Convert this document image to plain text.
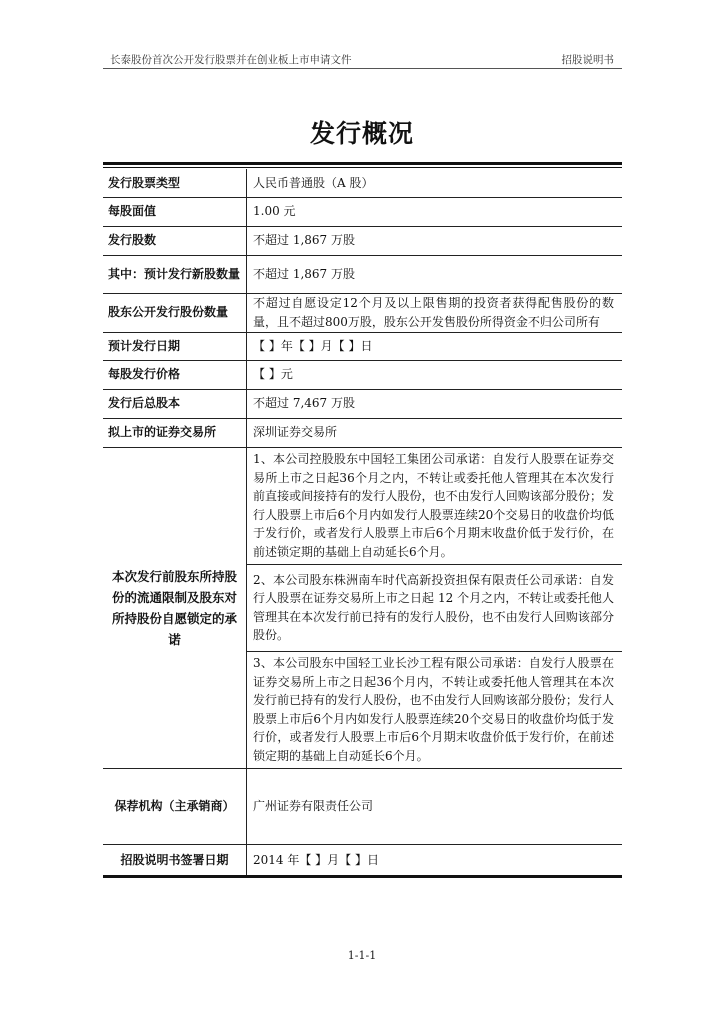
长泰股份首次公开发行股票并在创业板上市申请文件	招股说明书
发行概况
发行股票类型	人民币普通股（A 股）
每股面值	1.00 元
发行股数	不超过 1,867 万股
其中：预计发行新股数量	不超过 1,867 万股
股东公开发行股份数量	不超过自愿设定12个月及以上限售期的投资者获得配售股份的数量，且不超过800万股，股东公开发售股份所得资金不归公司所有
预计发行日期	【 】年【 】月【 】日
每股发行价格	【 】元
发行后总股本	不超过 7,467 万股
拟上市的证券交易所	深圳证券交易所
本次发行前股东所持股份的流通限制及股东对所持股份自愿锁定的承诺	1、本公司控股股东中国轻工集团公司承诺：自发行人股票在证券交易所上市之日起36个月之内，不转让或委托他人管理其在本次发行前直接或间接持有的发行人股份，也不由发行人回购该部分股份；发行人股票上市后6个月内如发行人股票连续20个交易日的收盘价均低于发行价，或者发行人股票上市后6个月期末收盘价低于发行价，在前述锁定期的基础上自动延长6个月。
	2、本公司股东株洲南车时代高新投资担保有限责任公司承诺：自发行人股票在证券交易所上市之日起 12 个月之内，不转让或委托他人管理其在本次发行前已持有的发行人股份，也不由发行人回购该部分股份。
	3、本公司股东中国轻工业长沙工程有限公司承诺：自发行人股票在证券交易所上市之日起36个月内，不转让或委托他人管理其在本次发行前已持有的发行人股份，也不由发行人回购该部分股份；发行人股票上市后6个月内如发行人股票连续20个交易日的收盘价均低于发行价，或者发行人股票上市后6个月期末收盘价低于发行价，在前述锁定期的基础上自动延长6个月。
保荐机构（主承销商）	广州证券有限责任公司
招股说明书签署日期	2014 年【 】月【 】日
1-1-1
